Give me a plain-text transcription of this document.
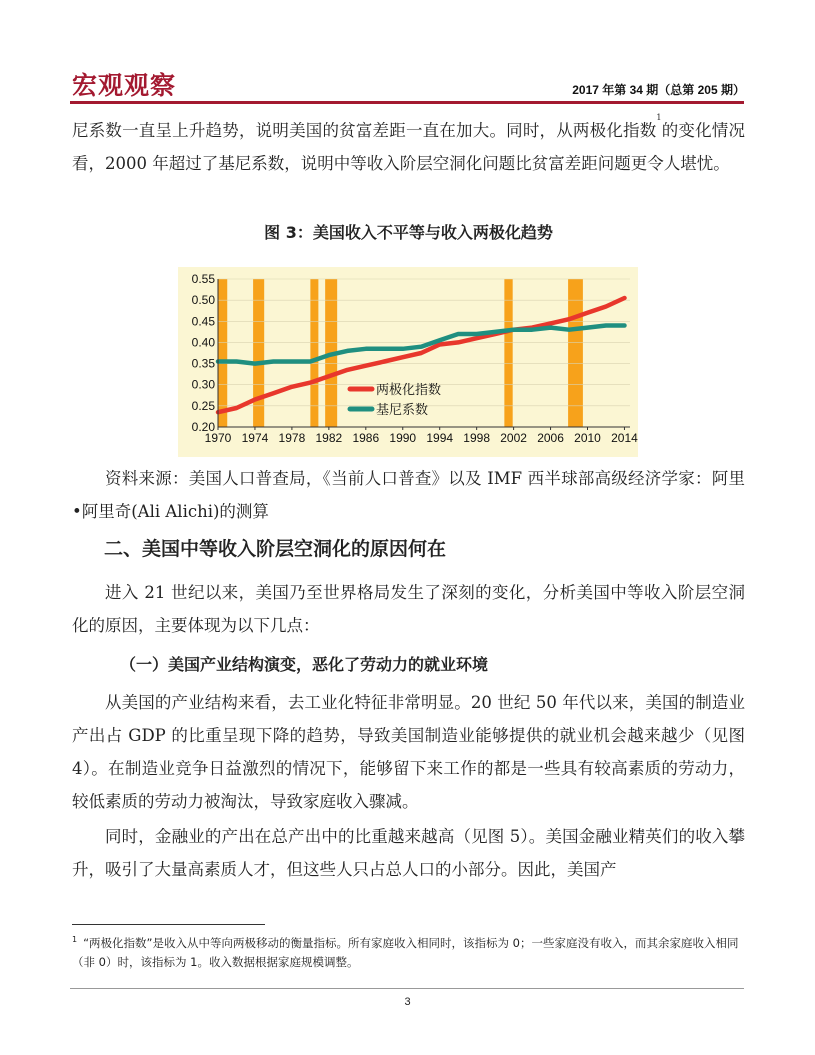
宏观观察	2017 年第 34 期（总第 205 期）

尼系数一直呈上升趋势，说明美国的贫富差距一直在加大。同时，从两极化指数$^1$的变化情况看，2000 年超过了基尼系数，说明中等收入阶层空洞化问题比贫富差距问题更令人堪忧。

图 3：美国收入不平等与收入两极化趋势
0.55
0.50
0.45
0.40
0.35
0.30
0.25
0.20
1970 1974 1978 1982 1986 1990 1994 1998 2002 2006 2010 2014
两极化指数
基尼系数

资料来源：美国人口普查局，《当前人口普查》以及 IMF 西半球部高级经济学家：阿里•阿里奇(Ali Alichi)的测算

二、美国中等收入阶层空洞化的原因何在

进入 21 世纪以来，美国乃至世界格局发生了深刻的变化，分析美国中等收入阶层空洞化的原因，主要体现为以下几点：

（一）美国产业结构演变，恶化了劳动力的就业环境

从美国的产业结构来看，去工业化特征非常明显。20 世纪 50 年代以来，美国的制造业产出占 GDP 的比重呈现下降的趋势，导致美国制造业能够提供的就业机会越来越少（见图 4）。在制造业竞争日益激烈的情况下，能够留下来工作的都是一些具有较高素质的劳动力，较低素质的劳动力被淘汰，导致家庭收入骤减。

同时，金融业的产出在总产出中的比重越来越高（见图 5）。美国金融业精英们的收入攀升，吸引了大量高素质人才，但这些人只占总人口的小部分。因此，美国产

$^1$ “两极化指数”是收入从中等向两极移动的衡量指标。所有家庭收入相同时，该指标为 0；一些家庭没有收入，而其余家庭收入相同（非 0）时，该指标为 1。收入数据根据家庭规模调整。
3
